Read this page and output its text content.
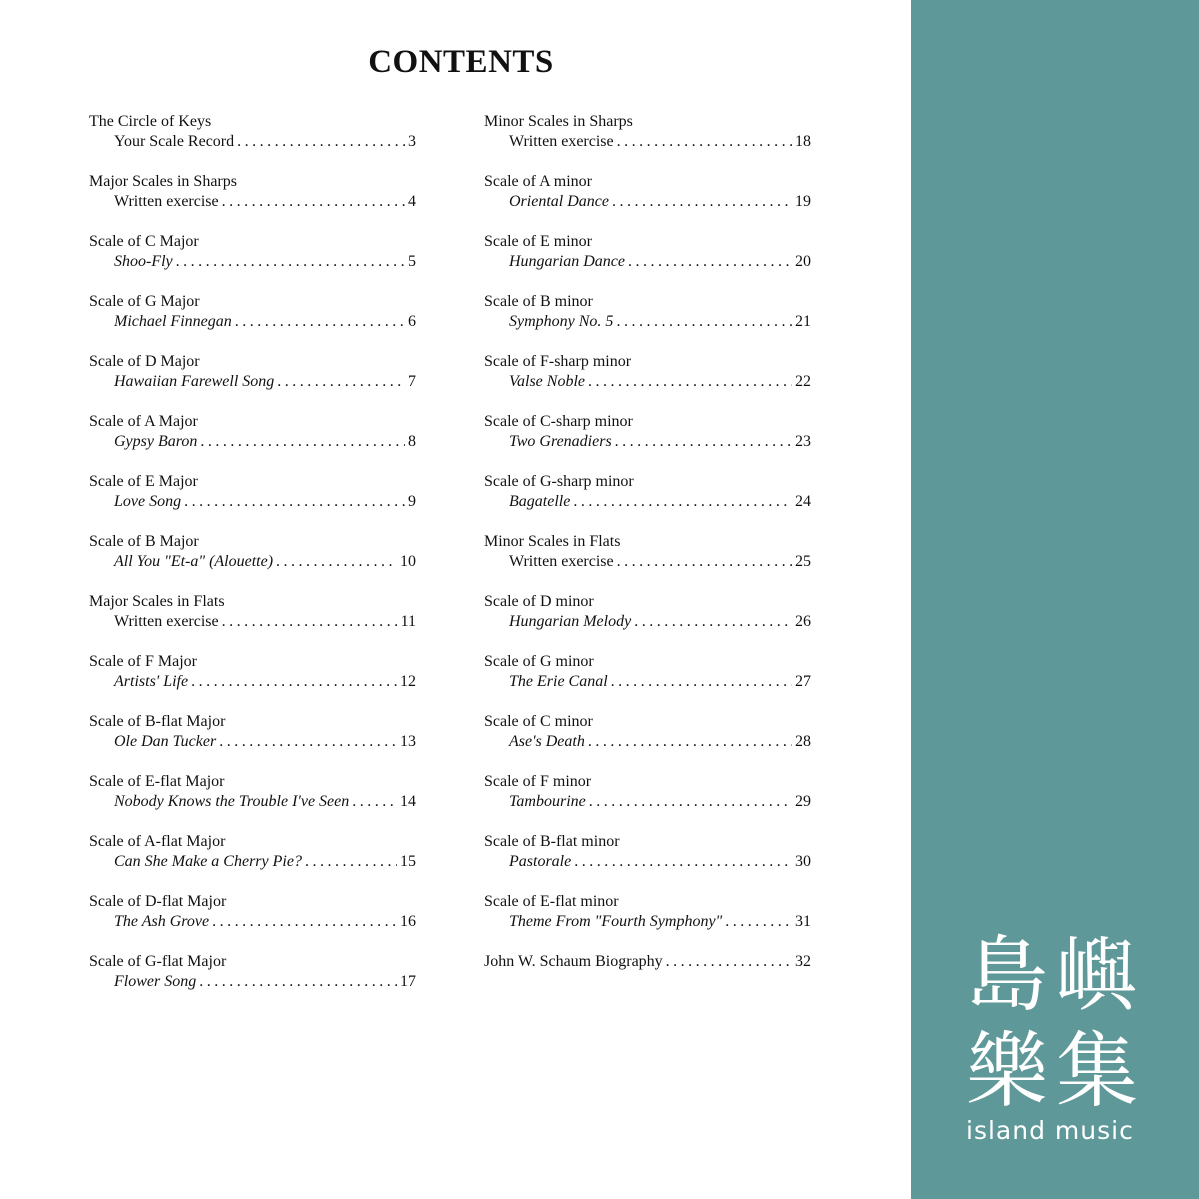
CONTENTS
The Circle of Keys
Your Scale Record . . .	3
Major Scales in Sharps
Written exercise . . .	4
Scale of C Major
Shoo-Fly . . .	5
Scale of G Major
Michael Finnegan . . .	6
Scale of D Major
Hawaiian Farewell Song . . .	7
Scale of A Major
Gypsy Baron . . .	8
Scale of E Major
Love Song . . .	9
Scale of B Major
All You "Et-a" (Alouette) . . .	10
Major Scales in Flats
Written exercise . . .	11
Scale of F Major
Artists' Life . . .	12
Scale of B-flat Major
Ole Dan Tucker . . .	13
Scale of E-flat Major
Nobody Knows the Trouble I've Seen . . .	14
Scale of A-flat Major
Can She Make a Cherry Pie? . . .	15
Scale of D-flat Major
The Ash Grove . . .	16
Scale of G-flat Major
Flower Song . . .	17
Minor Scales in Sharps
Written exercise . . .	18
Scale of A minor
Oriental Dance . . .	19
Scale of E minor
Hungarian Dance . . .	20
Scale of B minor
Symphony No. 5 . . .	21
Scale of F-sharp minor
Valse Noble . . .	22
Scale of C-sharp minor
Two Grenadiers . . .	23
Scale of G-sharp minor
Bagatelle . . .	24
Minor Scales in Flats
Written exercise . . .	25
Scale of D minor
Hungarian Melody . . .	26
Scale of G minor
The Erie Canal . . .	27
Scale of C minor
Ase's Death . . .	28
Scale of F minor
Tambourine . . .	29
Scale of B-flat minor
Pastorale . . .	30
Scale of E-flat minor
Theme From "Fourth Symphony" . . .	31
John W. Schaum Biography . . .	32 島嶼
樂集
island music
